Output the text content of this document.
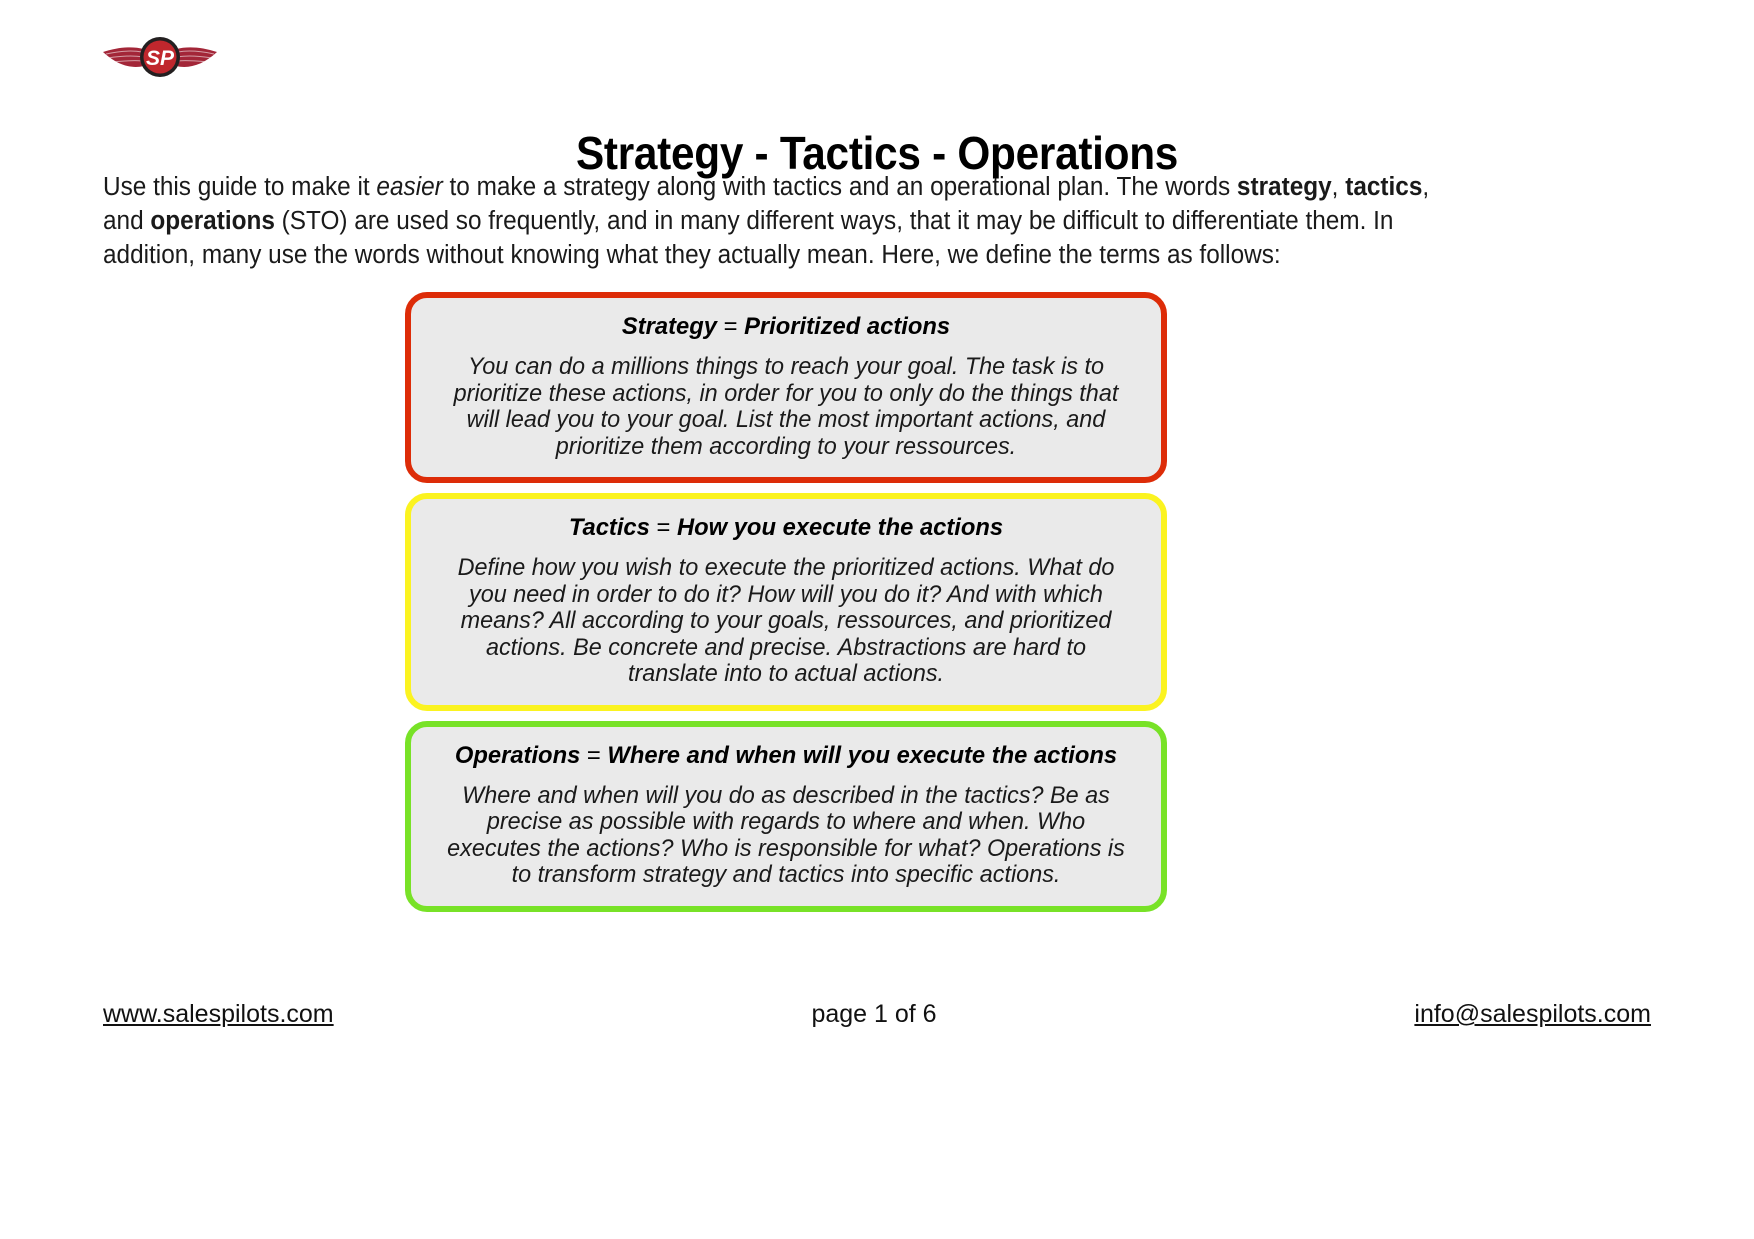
SP
Strategy - Tactics - Operations
Use this guide to make it easier to make a strategy along with tactics and an operational plan. The words strategy, tactics, and operations (STO) are used so frequently, and in many different ways, that it may be difficult to differentiate them. In addition, many use the words without knowing what they actually mean. Here, we define the terms as follows:
Strategy = Prioritized actions

You can do a millions things to reach your goal. The task is to prioritize these actions, in order for you to only do the things that will lead you to your goal. List the most important actions, and prioritize them according to your ressources.

Tactics = How you execute the actions

Define how you wish to execute the prioritized actions. What do you need in order to do it? How will you do it? And with which means? All according to your goals, ressources, and prioritized actions. Be concrete and precise. Abstractions are hard to translate into to actual actions.

Operations = Where and when will you execute the actions

Where and when will you do as described in the tactics? Be as precise as possible with regards to where and when. Who executes the actions? Who is responsible for what? Operations is to transform strategy and tactics into specific actions.

www.salespilots.com	page 1 of 6	info@salespilots.com
